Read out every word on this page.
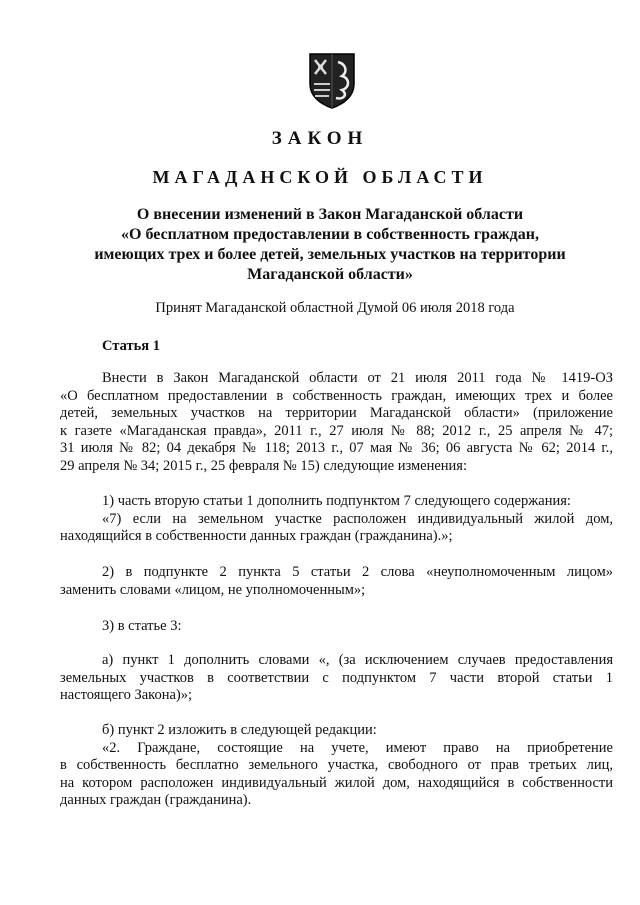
ЗАКОН
МАГАДАНСКОЙ ОБЛАСТИ
О внесении изменений в Закон Магаданской области
«О бесплатном предоставлении в собственность граждан,
имеющих трех и более детей, земельных участков на территории
Магаданской области»
Принят Магаданской областной Думой 06 июля 2018 года
Статья 1
Внести в Закон Магаданской области от 21 июля 2011 года № 1419-ОЗ
«О бесплатном предоставлении в собственность граждан, имеющих трех и более
детей, земельных участков на территории Магаданской области» (приложение
к газете «Магаданская правда», 2011 г., 27 июля № 88; 2012 г., 25 апреля № 47;
31 июля № 82; 04 декабря № 118; 2013 г., 07 мая № 36; 06 августа № 62; 2014 г.,
29 апреля № 34; 2015 г., 25 февраля № 15) следующие изменения:
1) часть вторую статьи 1 дополнить подпунктом 7 следующего содержания:
«7) если на земельном участке расположен индивидуальный жилой дом,
находящийся в собственности данных граждан (гражданина).»;
2) в подпункте 2 пункта 5 статьи 2 слова «неуполномоченным лицом»
заменить словами «лицом, не уполномоченным»;
3) в статье 3:
а) пункт 1 дополнить словами «, (за исключением случаев предоставления
земельных участков в соответствии с подпунктом 7 части второй статьи 1
настоящего Закона)»;
б) пункт 2 изложить в следующей редакции:
«2. Граждане, состоящие на учете, имеют право на приобретение
в собственность бесплатно земельного участка, свободного от прав третьих лиц,
на котором расположен индивидуальный жилой дом, находящийся в собственности
данных граждан (гражданина).
